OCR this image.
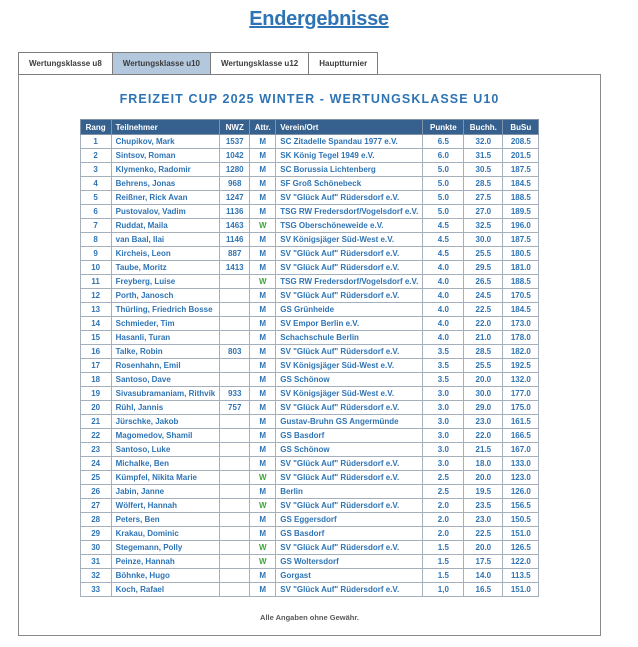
Endergebnisse
Wertungsklasse u8	Wertungsklasse u10	Wertungsklasse u12	Hauptturnier
FREIZEIT CUP 2025 WINTER - WERTUNGSKLASSE U10
Rang	Teilnehmer	NWZ	Attr.	Verein/Ort	Punkte	Buchh.	BuSu
1	Chupikov, Mark	1537	M	SC Zitadelle Spandau 1977 e.V.	6.5	32.0	208.5
2	Sintsov, Roman	1042	M	SK König Tegel 1949 e.V.	6.0	31.5	201.5
3	Klymenko, Radomir	1280	M	SC Borussia Lichtenberg	5.0	30.5	187.5
4	Behrens, Jonas	968	M	SF Groß Schönebeck	5.0	28.5	184.5
5	Reißner, Rick Avan	1247	M	SV "Glück Auf" Rüdersdorf e.V.	5.0	27.5	188.5
6	Pustovalov, Vadim	1136	M	TSG RW Fredersdorf/Vogelsdorf e.V.	5.0	27.0	189.5
7	Ruddat, Maila	1463	W	TSG Oberschöneweide e.V.	4.5	32.5	196.0
8	van Baal, Ilai	1146	M	SV Königsjäger Süd-West e.V.	4.5	30.0	187.5
9	Kircheis, Leon	887	M	SV "Glück Auf" Rüdersdorf e.V.	4.5	25.5	180.5
10	Taube, Moritz	1413	M	SV "Glück Auf" Rüdersdorf e.V.	4.0	29.5	181.0
11	Freyberg, Luise		W	TSG RW Fredersdorf/Vogelsdorf e.V.	4.0	26.5	188.5
12	Porth, Janosch		M	SV "Glück Auf" Rüdersdorf e.V.	4.0	24.5	170.5
13	Thürling, Friedrich Bosse		M	GS Grünheide	4.0	22.5	184.5
14	Schmieder, Tim		M	SV Empor Berlin e.V.	4.0	22.0	173.0
15	Hasanli, Turan		M	Schachschule Berlin	4.0	21.0	178.0
16	Talke, Robin	803	M	SV "Glück Auf" Rüdersdorf e.V.	3.5	28.5	182.0
17	Rosenhahn, Emil		M	SV Königsjäger Süd-West e.V.	3.5	25.5	192.5
18	Santoso, Dave		M	GS Schönow	3.5	20.0	132.0
19	Sivasubramaniam, Rithvik	933	M	SV Königsjäger Süd-West e.V.	3.0	30.0	177.0
20	Rühl, Jannis	757	M	SV "Glück Auf" Rüdersdorf e.V.	3.0	29.0	175.0
21	Jürschke, Jakob		M	Gustav-Bruhn GS Angermünde	3.0	23.0	161.5
22	Magomedov, Shamil		M	GS Basdorf	3.0	22.0	166.5
23	Santoso, Luke		M	GS Schönow	3.0	21.5	167.0
24	Michalke, Ben		M	SV "Glück Auf" Rüdersdorf e.V.	3.0	18.0	133.0
25	Kümpfel, Nikita Marie		W	SV "Glück Auf" Rüdersdorf e.V.	2.5	20.0	123.0
26	Jabin, Janne		M	Berlin	2.5	19.5	126.0
27	Wölfert, Hannah		W	SV "Glück Auf" Rüdersdorf e.V.	2.0	23.5	156.5
28	Peters, Ben		M	GS Eggersdorf	2.0	23.0	150.5
29	Krakau, Dominic		M	GS Basdorf	2.0	22.5	151.0
30	Stegemann, Polly		W	SV "Glück Auf" Rüdersdorf e.V.	1.5	20.0	126.5
31	Peinze, Hannah		W	GS Woltersdorf	1.5	17.5	122.0
32	Böhnke, Hugo		M	Gorgast	1.5	14.0	113.5
33	Koch, Rafael		M	SV "Glück Auf" Rüdersdorf e.V.	1,0	16.5	151.0
Alle Angaben ohne Gewähr.
